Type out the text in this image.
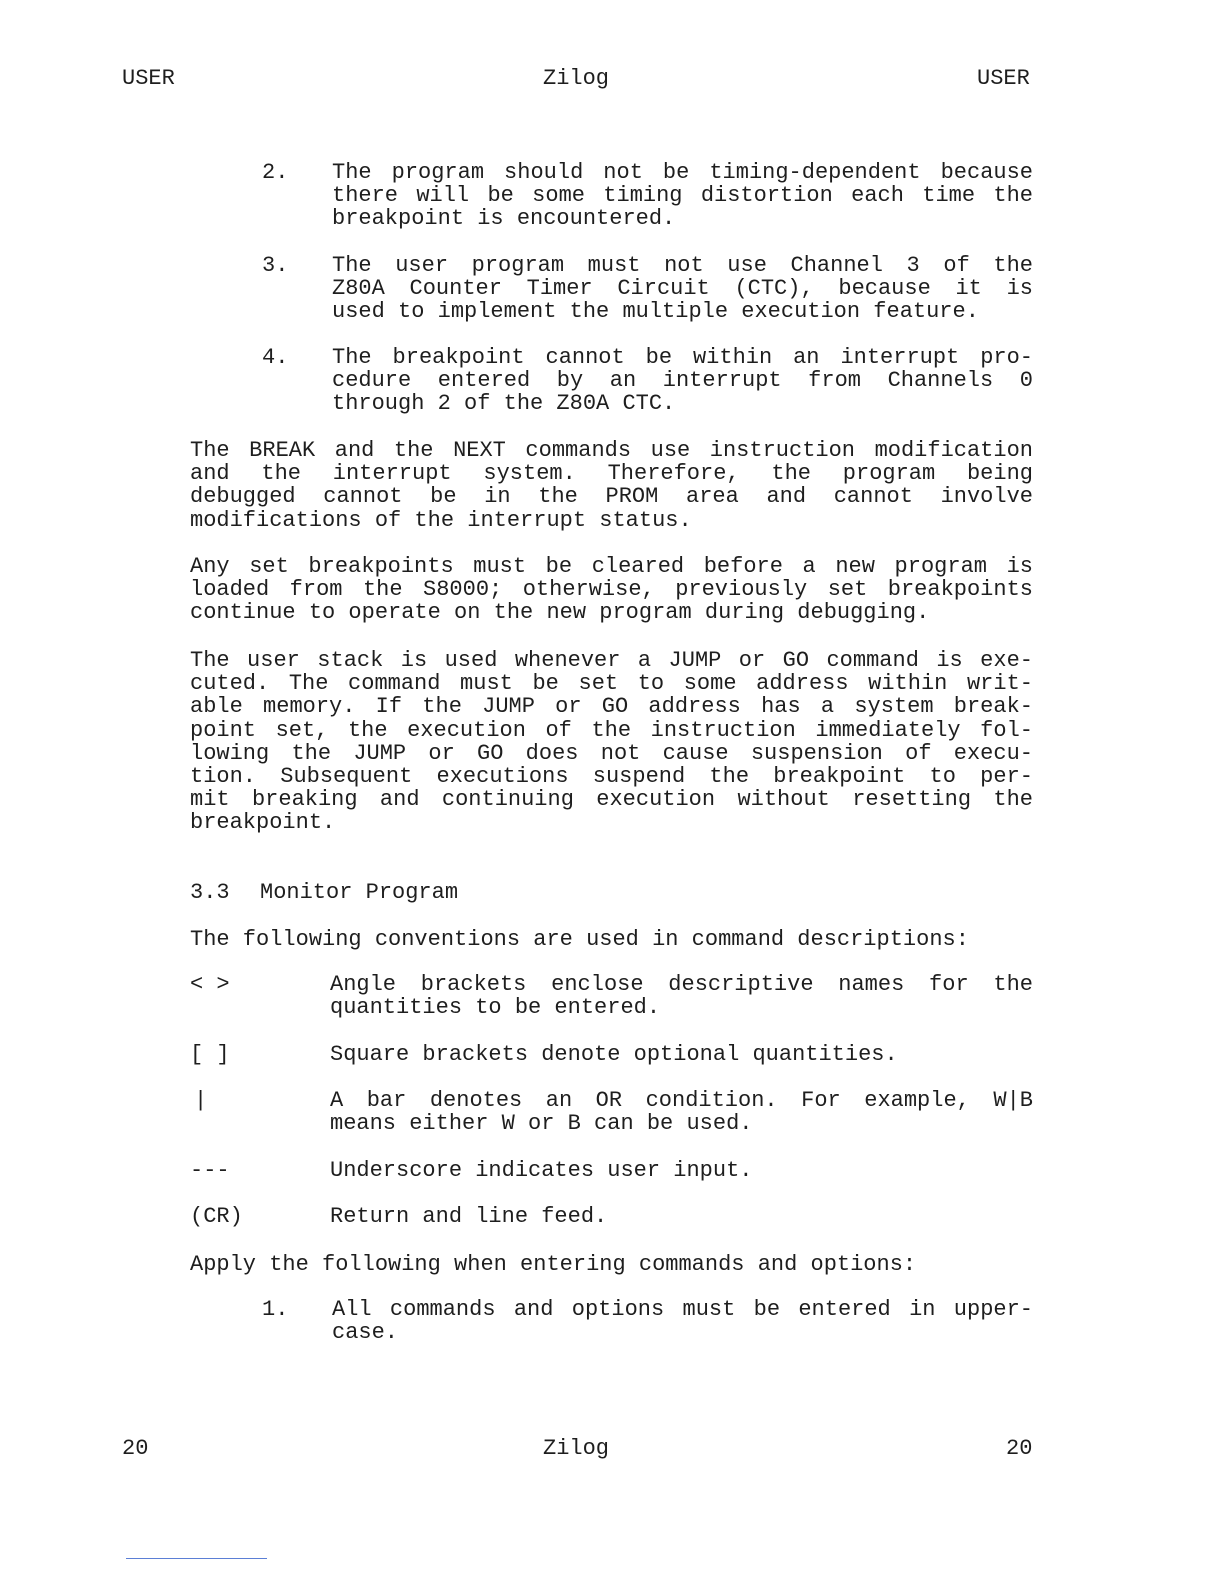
USER	Zilog	USER
2. The program should not be timing-dependent because
there will be some timing distortion each time the
breakpoint is encountered.
3. The user program must not use Channel 3 of the
Z80A Counter Timer Circuit (CTC), because it is
used to implement the multiple execution feature.
4. The breakpoint cannot be within an interrupt pro-
cedure entered by an interrupt from Channels 0
through 2 of the Z80A CTC.
The BREAK and the NEXT commands use instruction modification
and the interrupt system. Therefore, the program being
debugged cannot be in the PROM area and cannot involve
modifications of the interrupt status.
Any set breakpoints must be cleared before a new program is
loaded from the S8000; otherwise, previously set breakpoints
continue to operate on the new program during debugging.
The user stack is used whenever a JUMP or GO command is exe-
cuted. The command must be set to some address within writ-
able memory. If the JUMP or GO address has a system break-
point set, the execution of the instruction immediately fol-
lowing the JUMP or GO does not cause suspension of execu-
tion. Subsequent executions suspend the breakpoint to per-
mit breaking and continuing execution without resetting the
breakpoint.
3.3 Monitor Program
The following conventions are used in command descriptions:
< >	Angle brackets enclose descriptive names for the
quantities to be entered.
[ ]	Square brackets denote optional quantities.
|	A bar denotes an OR condition. For example, W|B
means either W or B can be used.
---	Underscore indicates user input.
(CR)	Return and line feed.
Apply the following when entering commands and options:
1. All commands and options must be entered in upper-
case.
20	Zilog	20
